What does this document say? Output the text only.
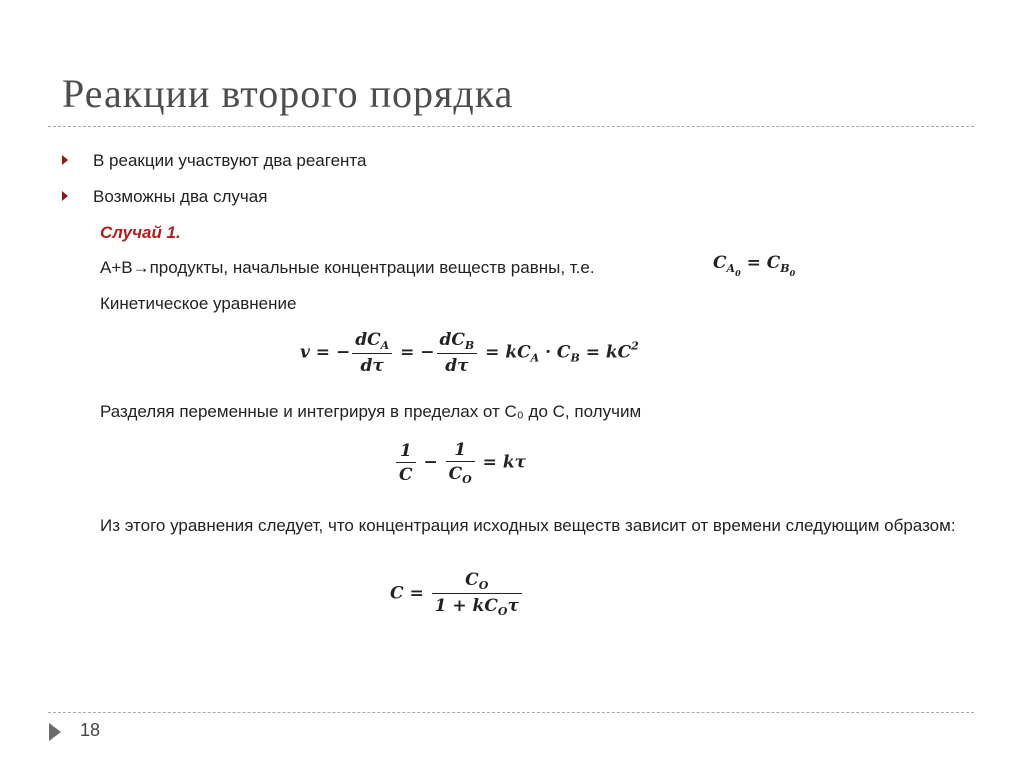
Реакции второго порядка
В реакции участвуют два реагента
Возможны два случая
Случай 1.
А+В→продукты, начальные концентрации веществ равны, т.е.	$C_{A_0} = C_{B_0}$
Кинетическое уравнение
v = − $\frac{dC_A}{d\tau}$ = − $\frac{dC_B}{d\tau} = kC_A \cdot C_B = kC^2$
Разделяя переменные и интегрируя в пределах от C₀ до C, получим
$\frac{1}{C} - \frac{1}{C_O} = k\tau$
Из этого уравнения следует, что концентрация исходных веществ зависит от времени следующим образом:
$C = \frac{C_O}{1 + kC_O\tau}$
18
